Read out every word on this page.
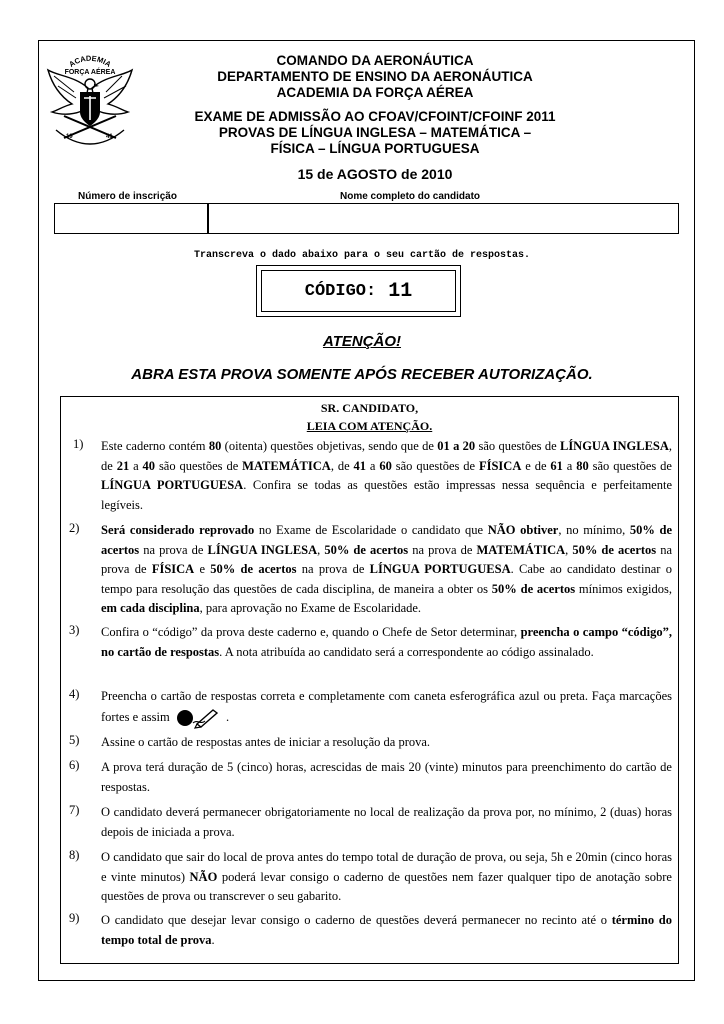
ACADEMIA
FORÇA AÉREA
19	41
COMANDO DA AERONÁUTICA
DEPARTAMENTO DE ENSINO DA AERONÁUTICA
ACADEMIA DA FORÇA AÉREA
EXAME DE ADMISSÃO AO CFOAV/CFOINT/CFOINF 2011
PROVAS DE LÍNGUA INGLESA – MATEMÁTICA –
FÍSICA – LÍNGUA PORTUGUESA
15 de AGOSTO de 2010
Número de inscrição	Nome completo do candidato
Transcreva o dado abaixo para o seu cartão de respostas.
CÓDIGO: 11
ATENÇÃO!
ABRA ESTA PROVA SOMENTE APÓS RECEBER AUTORIZAÇÃO.
SR. CANDIDATO,
LEIA COM ATENÇÃO.
1) Este caderno contém 80 (oitenta) questões objetivas, sendo que de 01 a 20 são questões de LÍNGUA INGLESA, de 21 a 40 são questões de MATEMÁTICA, de 41 a 60 são questões de FÍSICA e de 61 a 80 são questões de LÍNGUA PORTUGUESA. Confira se todas as questões estão impressas nessa sequência e perfeitamente legíveis.
2) Será considerado reprovado no Exame de Escolaridade o candidato que NÃO obtiver, no mínimo, 50% de acertos na prova de LÍNGUA INGLESA, 50% de acertos na prova de MATEMÁTICA, 50% de acertos na prova de FÍSICA e 50% de acertos na prova de LÍNGUA PORTUGUESA. Cabe ao candidato destinar o tempo para resolução das questões de cada disciplina, de maneira a obter os 50% de acertos mínimos exigidos, em cada disciplina, para aprovação no Exame de Escolaridade.
3) Confira o “código” da prova deste caderno e, quando o Chefe de Setor determinar, preencha o campo “código”, no cartão de respostas. A nota atribuída ao candidato será a correspondente ao código assinalado.
4) Preencha o cartão de respostas correta e completamente com caneta esferográfica azul ou preta. Faça marcações fortes e assim	.
5) Assine o cartão de respostas antes de iniciar a resolução da prova.
6) A prova terá duração de 5 (cinco) horas, acrescidas de mais 20 (vinte) minutos para preenchimento do cartão de respostas.
7) O candidato deverá permanecer obrigatoriamente no local de realização da prova por, no mínimo, 2 (duas) horas depois de iniciada a prova.
8) O candidato que sair do local de prova antes do tempo total de duração de prova, ou seja, 5h e 20min (cinco horas e vinte minutos) NÃO poderá levar consigo o caderno de questões nem fazer qualquer tipo de anotação sobre questões de prova ou transcrever o seu gabarito.
9) O candidato que desejar levar consigo o caderno de questões deverá permanecer no recinto até o término do tempo total de prova.
